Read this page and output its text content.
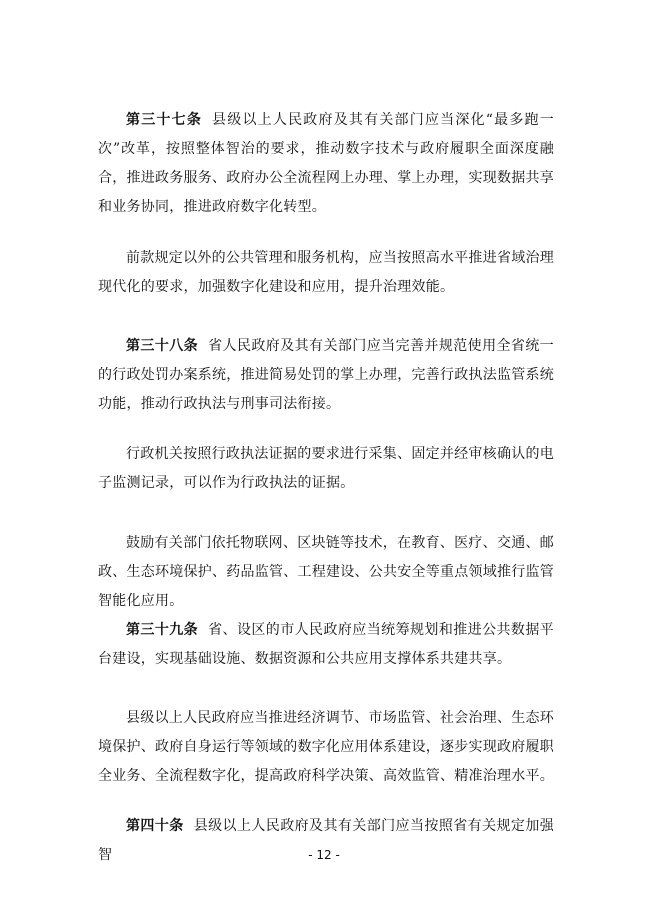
第三十七条 县级以上人民政府及其有关部门应当深化“最多跑一次”改革，按照整体智治的要求，推动数字技术与政府履职全面深度融合，推进政务服务、政府办公全流程网上办理、掌上办理，实现数据共享和业务协同，推进政府数字化转型。

前款规定以外的公共管理和服务机构，应当按照高水平推进省域治理现代化的要求，加强数字化建设和应用，提升治理效能。

第三十八条 省人民政府及其有关部门应当完善并规范使用全省统一的行政处罚办案系统，推进简易处罚的掌上办理，完善行政执法监管系统功能，推动行政执法与刑事司法衔接。

行政机关按照行政执法证据的要求进行采集、固定并经审核确认的电子监测记录，可以作为行政执法的证据。

鼓励有关部门依托物联网、区块链等技术，在教育、医疗、交通、邮政、生态环境保护、药品监管、工程建设、公共安全等重点领域推行监管智能化应用。

第三十九条 省、设区的市人民政府应当统筹规划和推进公共数据平台建设，实现基础设施、数据资源和公共应用支撑体系共建共享。

县级以上人民政府应当推进经济调节、市场监管、社会治理、生态环境保护、政府自身运行等领域的数字化应用体系建设，逐步实现政府履职全业务、全流程数字化，提高政府科学决策、高效监管、精准治理水平。

第四十条 县级以上人民政府及其有关部门应当按照省有关规定加强智	- 12 -
